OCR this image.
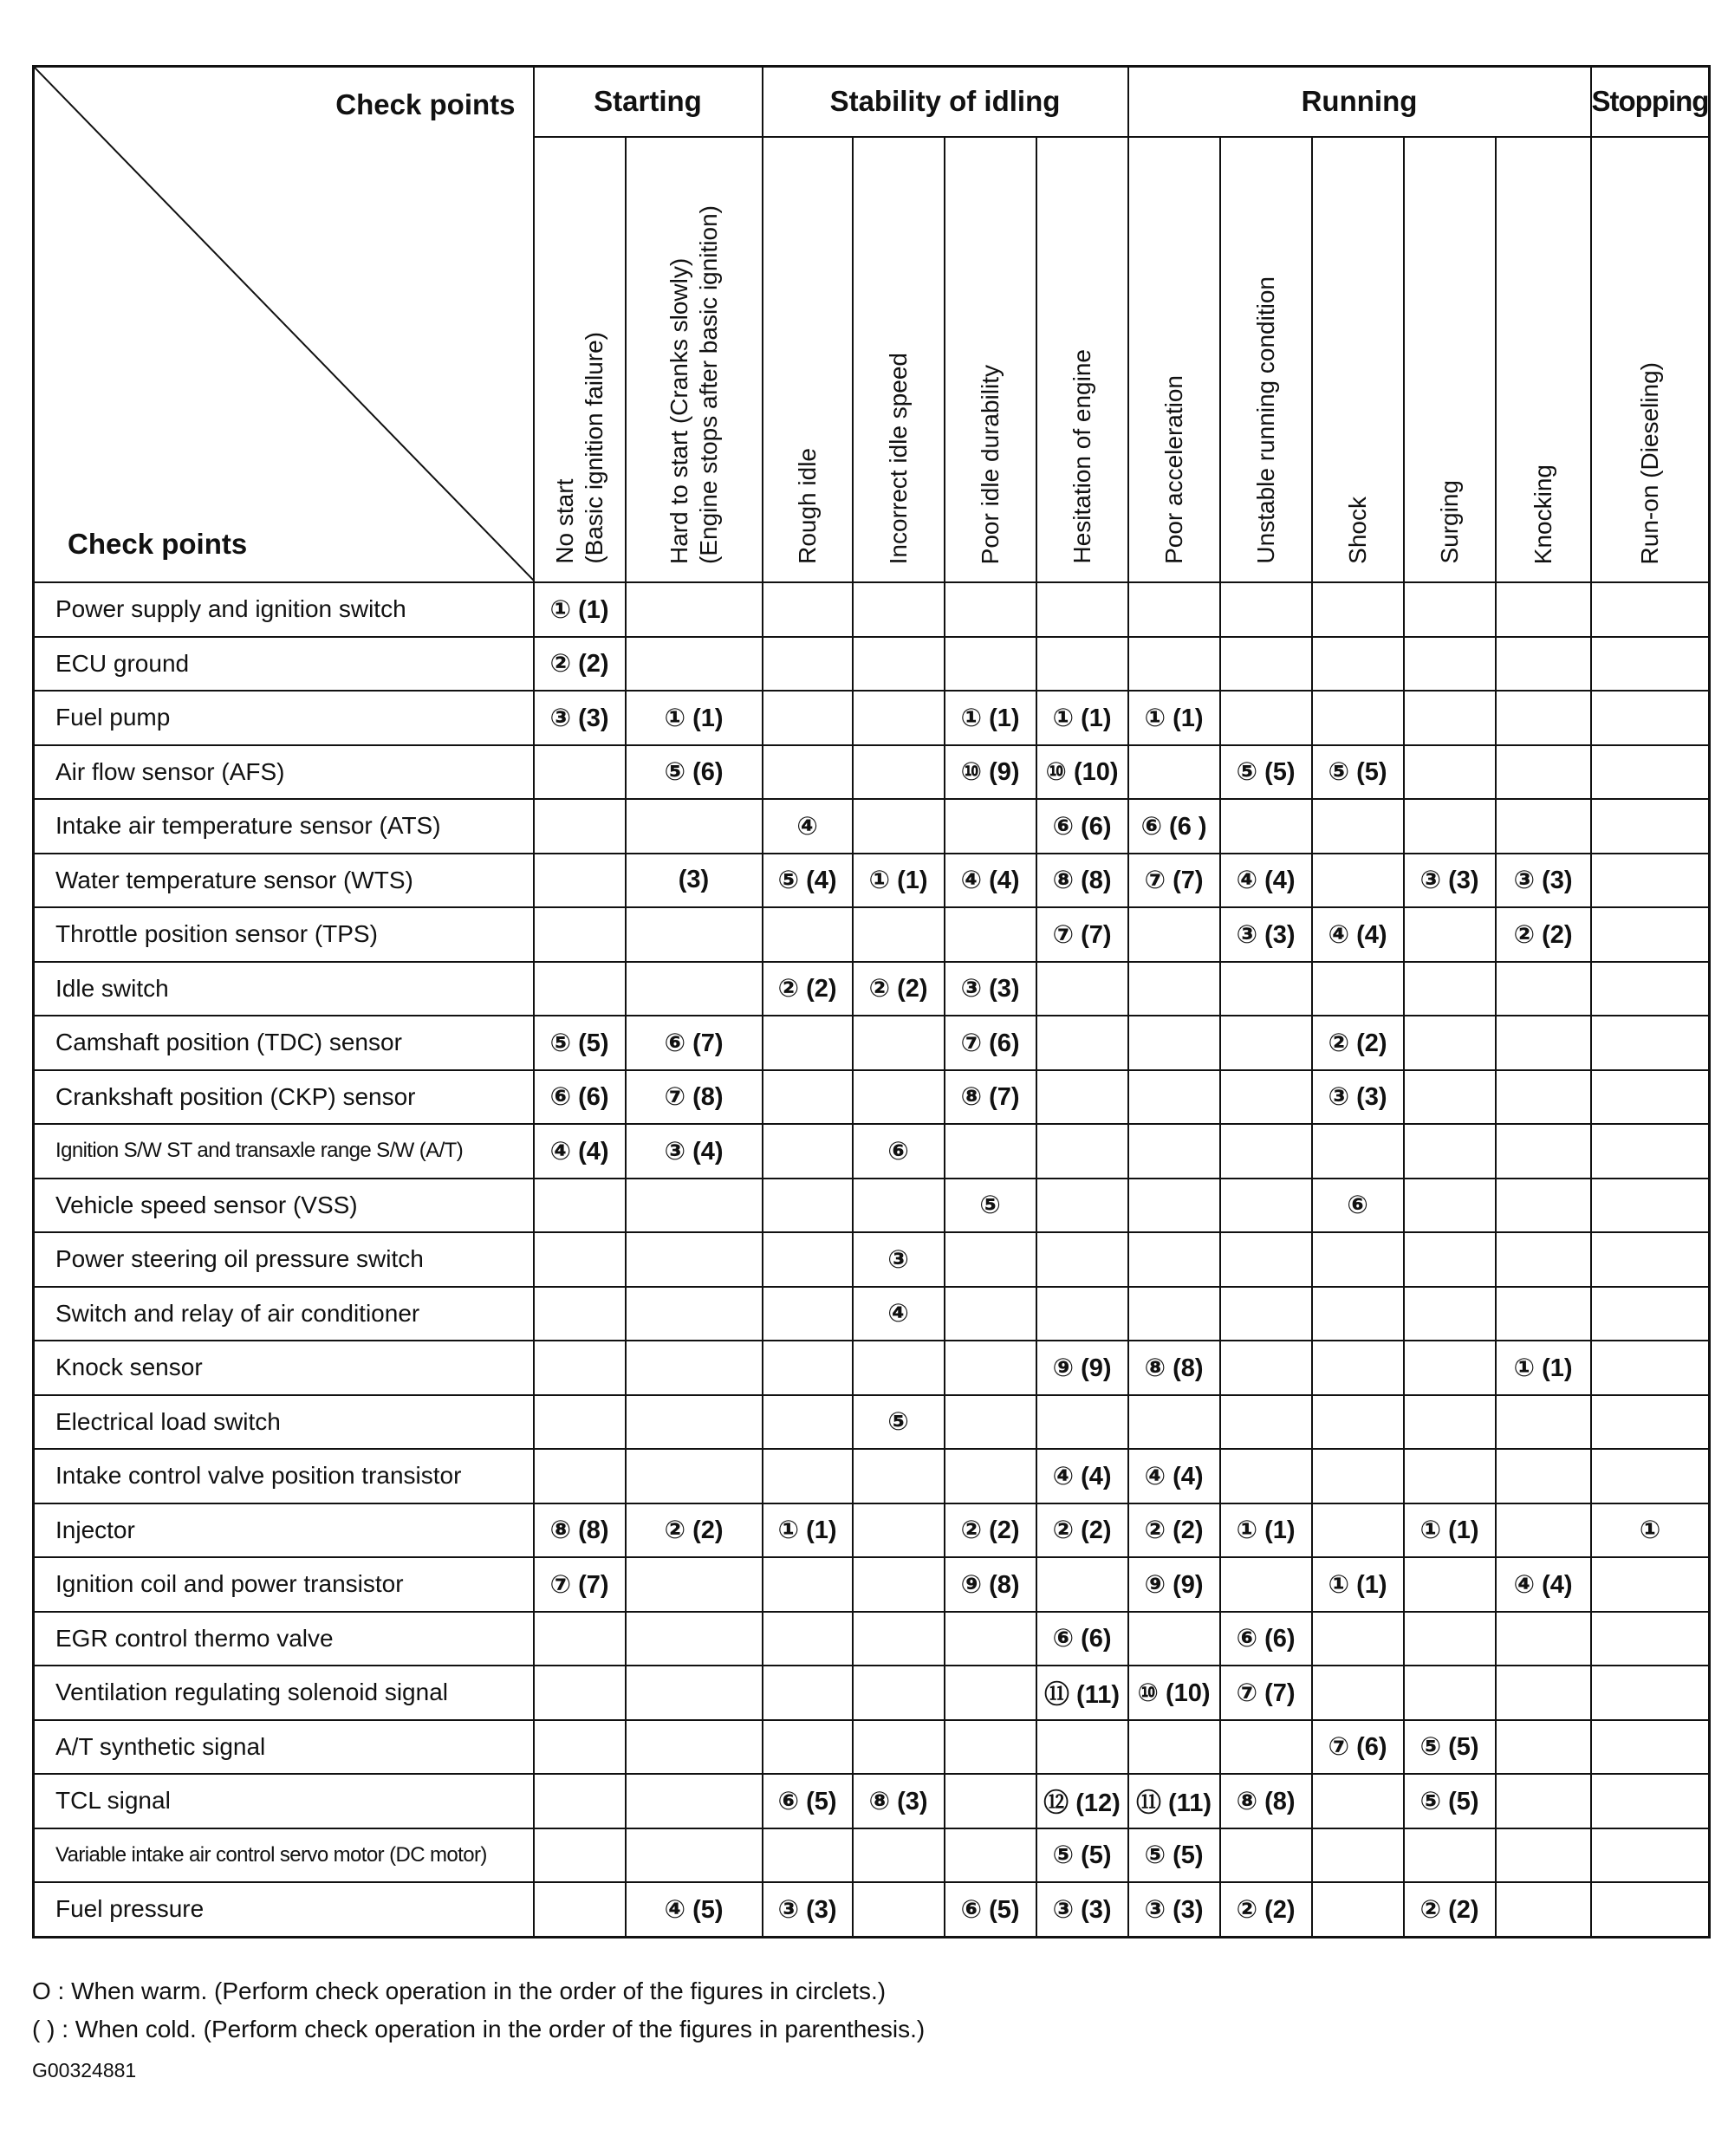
Check points
Check points	Starting		Stability of idling				Running					Stopping

	No start (Basic ignition failure)	Hard to start (Cranks slowly) (Engine stops after basic ignition)	Rough idle	Incorrect idle speed	Poor idle durability	Hesitation of engine	Poor acceleration	Unstable running condition	Shock	Surging	Knocking	Run-on (Dieseling)

Power supply and ignition switch	① (1)											
ECU ground	② (2)											
Fuel pump	③ (3)	① (1)			① (1)	① (1)	① (1)					
Air flow sensor (AFS)		⑤ (6)			⑩ (9)	⑩ (10)		⑤ (5)	⑤ (5)			
Intake air temperature sensor (ATS)			④			⑥ (6)	⑥ (6 )					
Water temperature sensor (WTS)		(3)	⑤ (4)	① (1)	④ (4)	⑧ (8)	⑦ (7)	④ (4)		③ (3)	③ (3)	
Throttle position sensor (TPS)						⑦ (7)		③ (3)	④ (4)		② (2)	
Idle switch			② (2)	② (2)	③ (3)							
Camshaft position (TDC) sensor	⑤ (5)	⑥ (7)			⑦ (6)				② (2)			
Crankshaft position (CKP) sensor	⑥ (6)	⑦ (8)			⑧ (7)				③ (3)			
Ignition S/W ST and transaxle range S/W (A/T)	④ (4)	③ (4)		⑥								
Vehicle speed sensor (VSS)					⑤				⑥			
Power steering oil pressure switch				③								
Switch and relay of air conditioner				④								
Knock sensor						⑨ (9)	⑧ (8)				① (1)	
Electrical load switch				⑤								
Intake control valve position transistor						④ (4)	④ (4)					
Injector	⑧ (8)	② (2)	① (1)		② (2)	② (2)	② (2)	① (1)		① (1)		①
Ignition coil and power transistor	⑦ (7)				⑨ (8)		⑨ (9)		① (1)		④ (4)	
EGR control thermo valve						⑥ (6)		⑥ (6)				
Ventilation regulating solenoid signal						⑪ (11)	⑩ (10)	⑦ (7)				
A/T synthetic signal									⑦ (6)	⑤ (5)		
TCL signal			⑥ (5)	⑧ (3)		⑫ (12)	⑪ (11)	⑧ (8)		⑤ (5)		
Variable intake air control servo motor (DC motor)						⑤ (5)	⑤ (5)					
Fuel pressure		④ (5)	③ (3)		⑥ (5)	③ (3)	③ (3)	② (2)		② (2)		
O : When warm. (Perform check operation in the order of the figures in circlets.)
( ) : When cold. (Perform check operation in the order of the figures in parenthesis.)
G00324881
